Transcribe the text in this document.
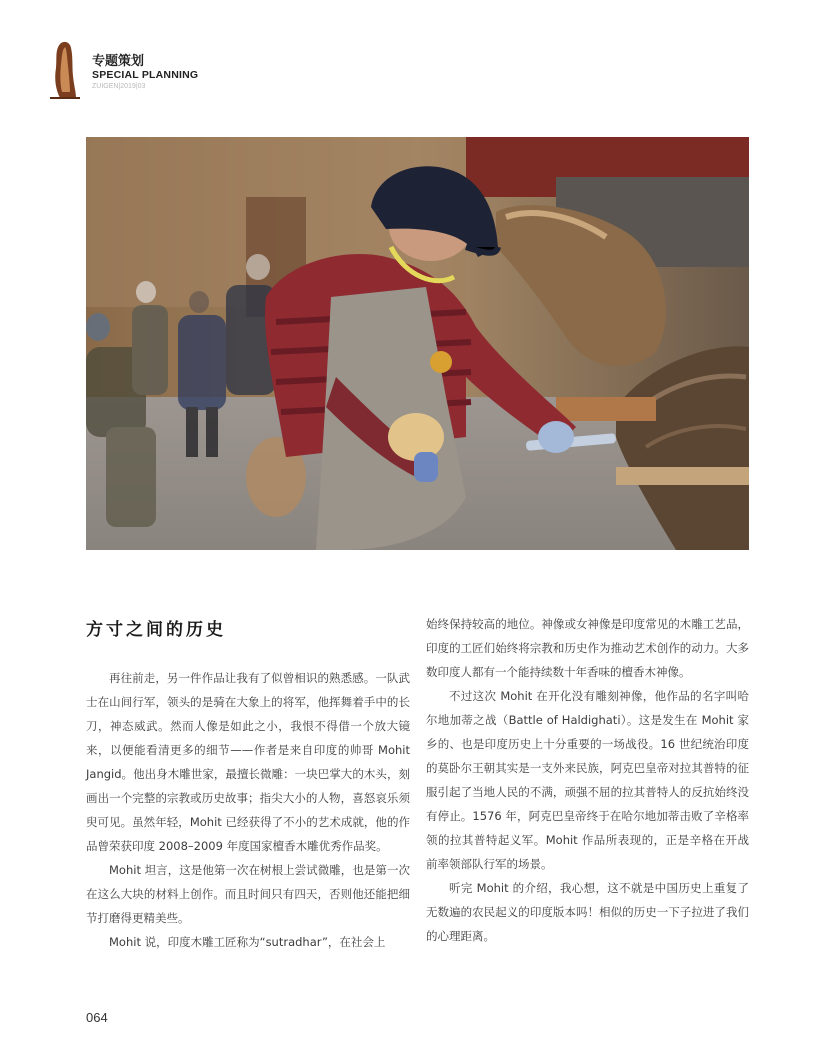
专题策划
SPECIAL PLANNING
ZUIGEN|2019|03
方寸之间的历史

再往前走，另一件作品让我有了似曾相识的熟悉感。一队武士在山间行军，领头的是骑在大象上的将军，他挥舞着手中的长刀，神态威武。然而人像是如此之小，我恨不得借一个放大镜来，以便能看清更多的细节——作者是来自印度的帅哥 Mohit Jangid。他出身木雕世家，最擅长微雕：一块巴掌大的木头，刻画出一个完整的宗教或历史故事；指尖大小的人物，喜怒哀乐须臾可见。虽然年轻，Mohit 已经获得了不小的艺术成就，他的作品曾荣获印度 2008–2009 年度国家檀香木雕优秀作品奖。

Mohit 坦言，这是他第一次在树根上尝试微雕，也是第一次在这么大块的材料上创作。而且时间只有四天，否则他还能把细节打磨得更精美些。

Mohit 说，印度木雕工匠称为“sutradhar”，在社会上

始终保持较高的地位。神像或女神像是印度常见的木雕工艺品，印度的工匠们始终将宗教和历史作为推动艺术创作的动力。大多数印度人都有一个能持续数十年香味的檀香木神像。

不过这次 Mohit 在开化没有雕刻神像，他作品的名字叫哈尔地加蒂之战（Battle of Haldighati）。这是发生在 Mohit 家乡的、也是印度历史上十分重要的一场战役。16 世纪统治印度的莫卧尔王朝其实是一支外来民族，阿克巴皇帝对拉其普特的征服引起了当地人民的不满，顽强不屈的拉其普特人的反抗始终没有停止。1576 年，阿克巴皇帝终于在哈尔地加蒂击败了辛格率领的拉其普特起义军。Mohit 作品所表现的，正是辛格在开战前率领部队行军的场景。

听完 Mohit 的介绍，我心想，这不就是中国历史上重复了无数遍的农民起义的印度版本吗！相似的历史一下子拉进了我们的心理距离。

064
